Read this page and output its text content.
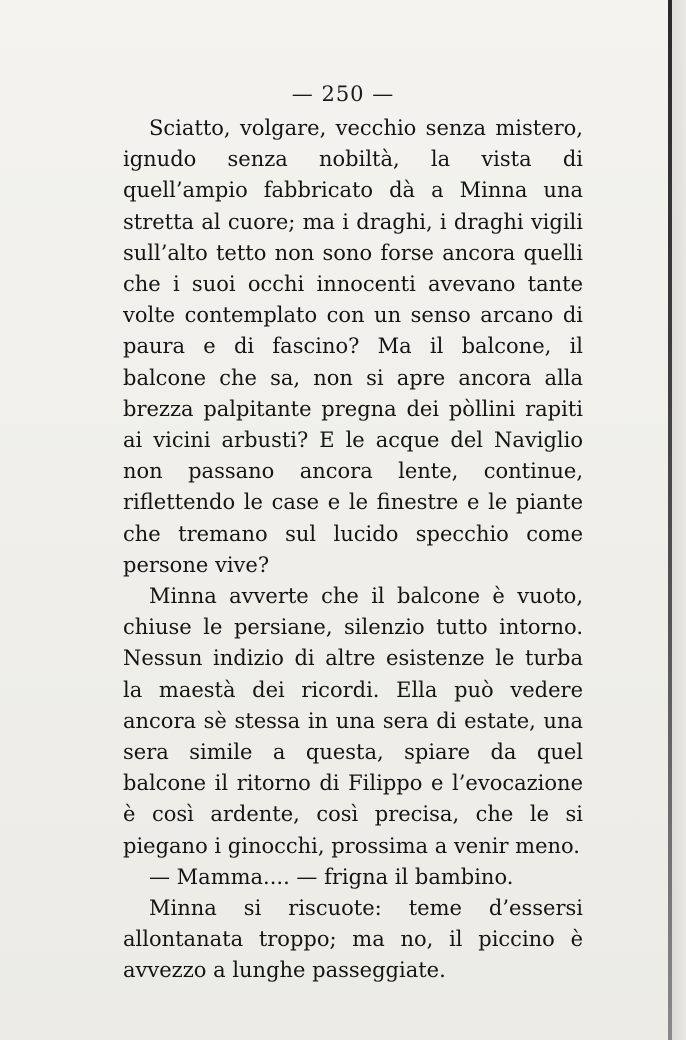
— 250 —

Sciatto, volgare, vecchio senza mistero, ignudo senza nobiltà, la vista di quell’ampio fabbricato dà a Minna una stretta al cuore; ma i draghi, i draghi vigili sull’alto tetto non sono forse ancora quelli che i suoi occhi innocenti avevano tante volte contemplato con un senso arcano di paura e di fascino? Ma il balcone, il balcone che sa, non si apre ancora alla brezza palpitante pregna dei pòllini rapiti ai vicini arbusti? E le acque del Naviglio non passano ancora lente, continue, riflettendo le case e le finestre e le piante che tremano sul lucido specchio come persone vive?

Minna avverte che il balcone è vuoto, chiuse le persiane, silenzio tutto intorno. Nessun indizio di altre esistenze le turba la maestà dei ricordi. Ella può vedere ancora sè stessa in una sera di estate, una sera simile a questa, spiare da quel balcone il ritorno di Filippo e l’evocazione è così ardente, così precisa, che le si piegano i ginocchi, prossima a venir meno.

— Mamma.... — frigna il bambino.

Minna si riscuote: teme d’essersi allontanata troppo; ma no, il piccino è avvezzo a lunghe passeggiate.
